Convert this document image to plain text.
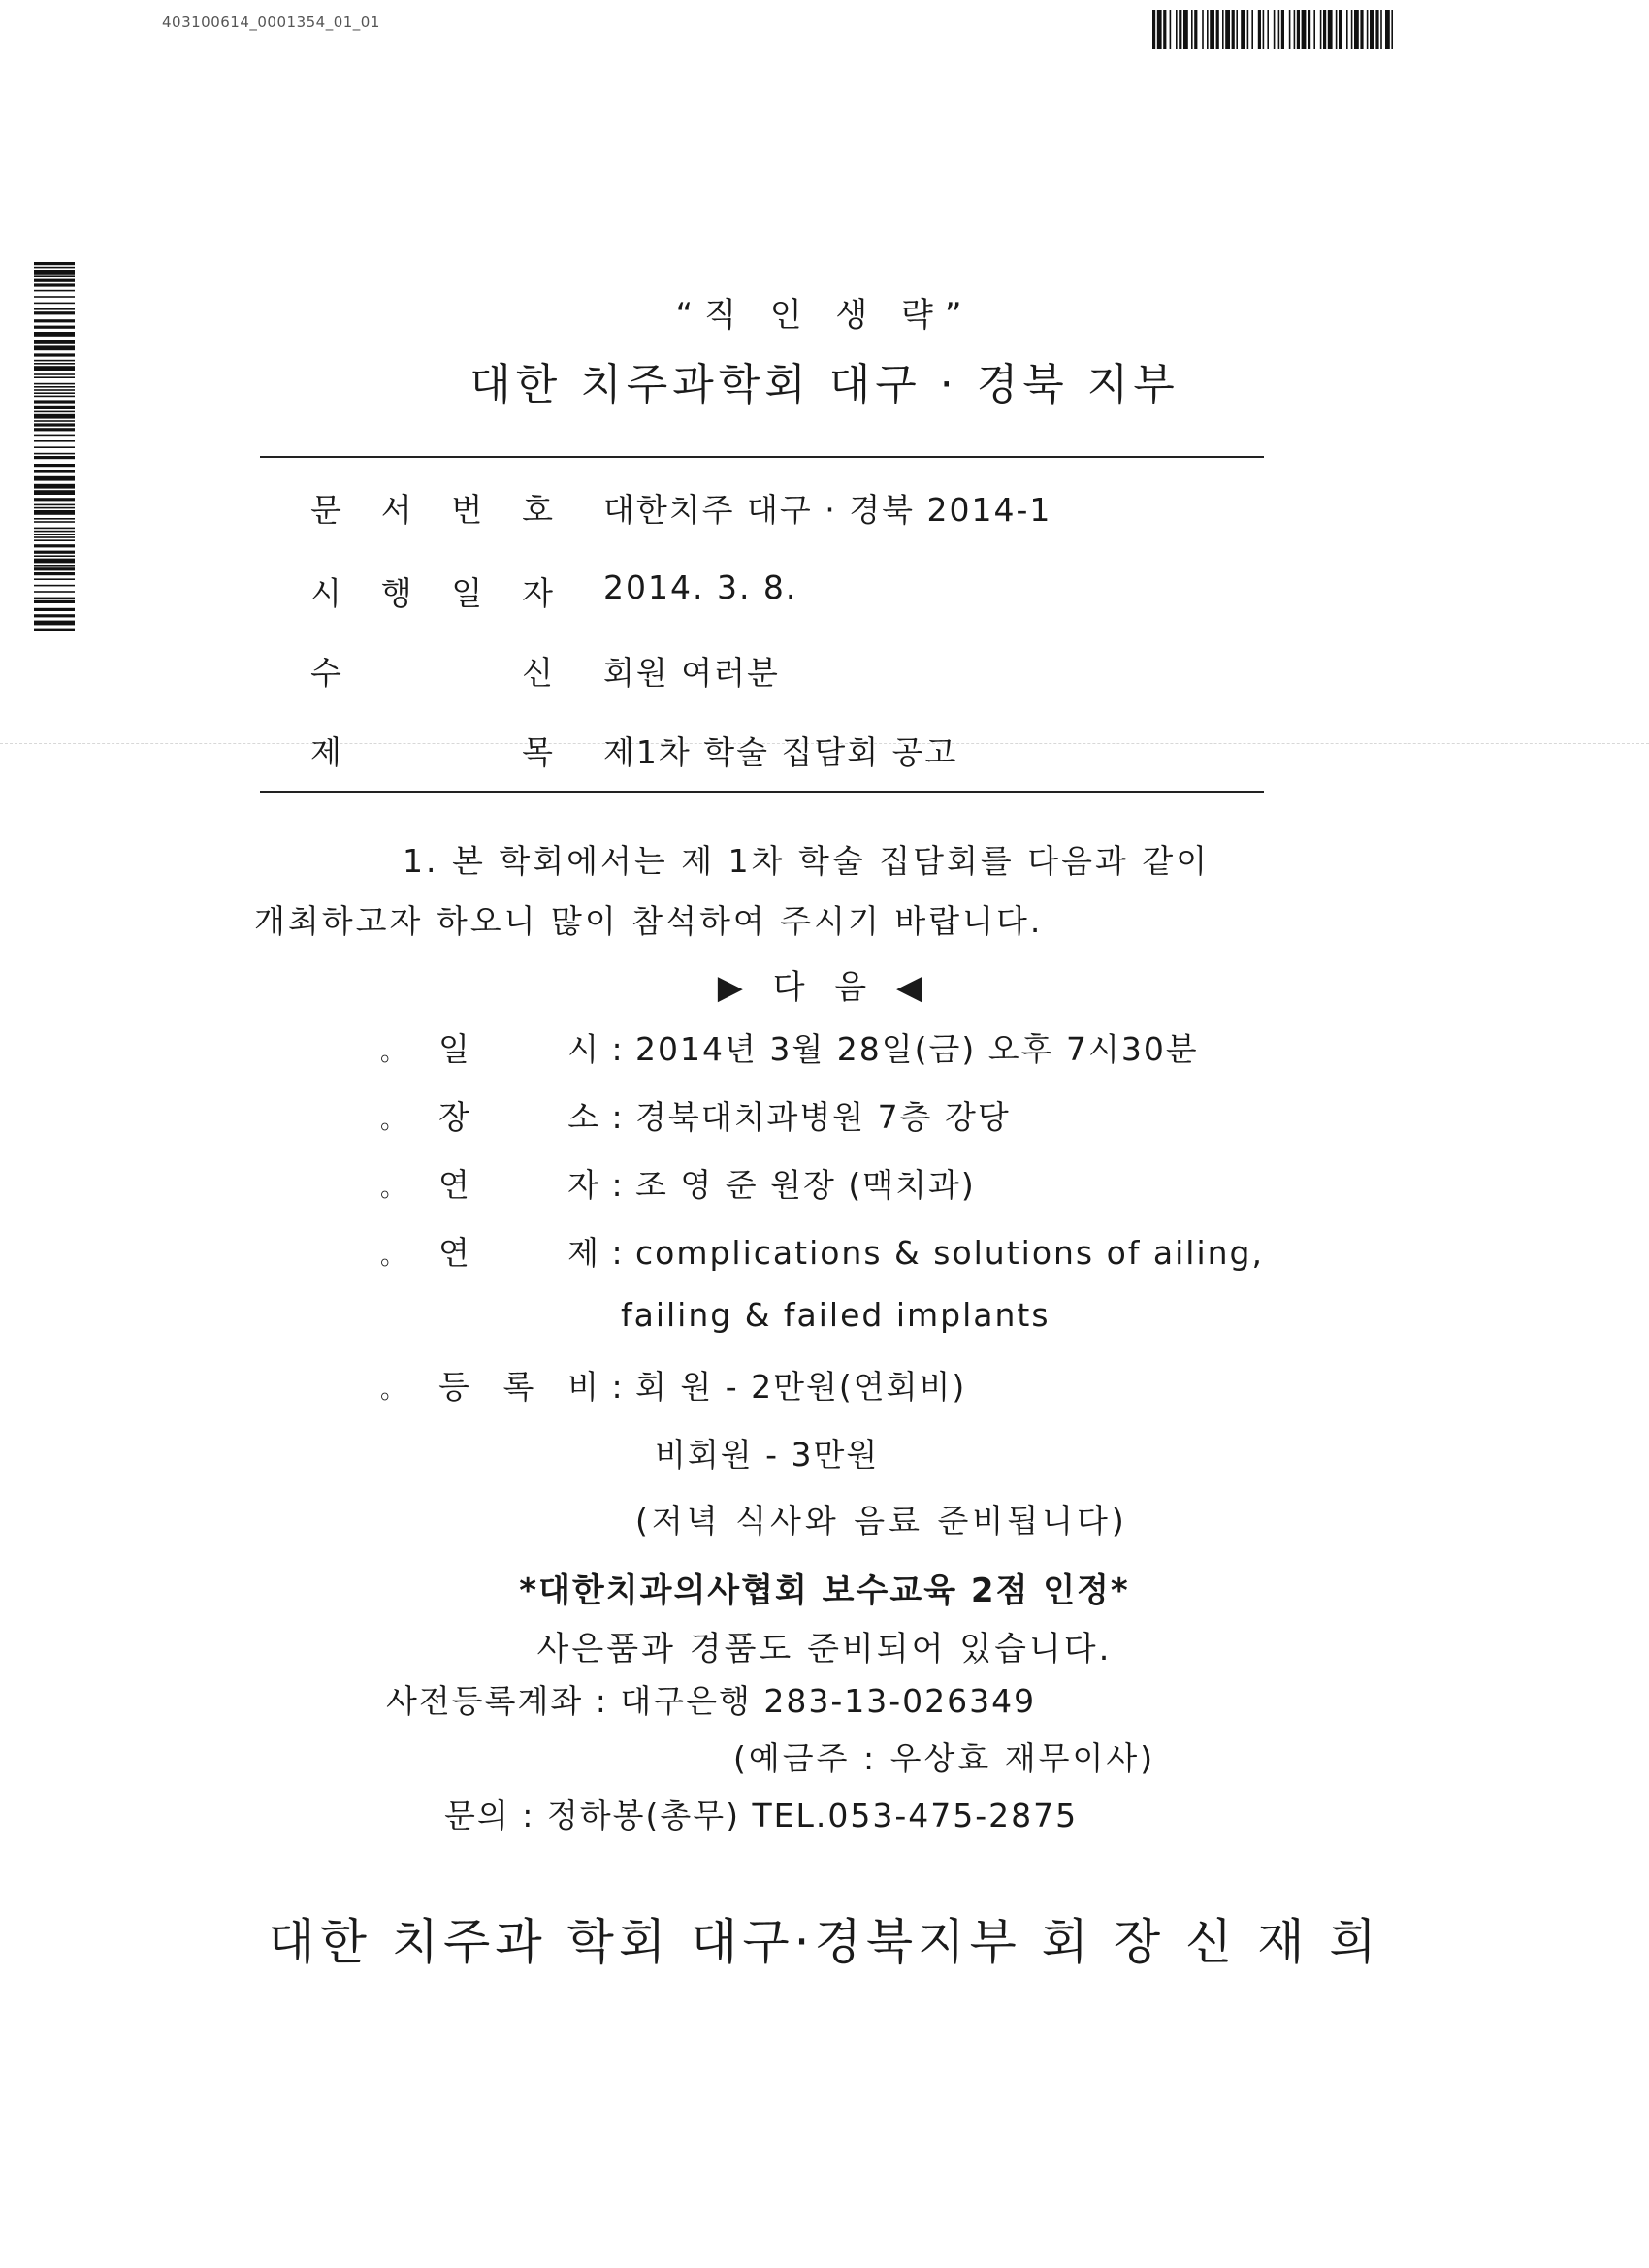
403100614_0001354_01_01
“직 인 생 략”
대한 치주과학회 대구 · 경북 지부
문 서 번 호 대한치주 대구 · 경북 2014-1
시 행 일 자 2014. 3. 8.
수	신 회원 여러분
제	목 제1차 학술 집담회 공고
1. 본 학회에서는 제 1차 학술 집담회를 다음과 같이
개최하고자 하오니 많이 참석하여 주시기 바랍니다.
▶ 다 음 ◀
。	일	시 : 2014년 3월 28일(금) 오후 7시30분
。	장	소 : 경북대치과병원 7층 강당
。	연	자 : 조 영 준 원장 (맥치과)
。	연	제 : complications & solutions of ailing,
failing & failed implants
。	등 록 비 : 회 원 - 2만원(연회비)
비회원 - 3만원
(저녁 식사와 음료 준비됩니다)
*대한치과의사협회 보수교육 2점 인정*
사은품과 경품도 준비되어 있습니다.
사전등록계좌 : 대구은행 283-13-026349
(예금주 : 우상효 재무이사)
문의 : 정하봉(총무) TEL.053-475-2875
대한 치주과 학회 대구·경북지부 회 장 신 재 희
